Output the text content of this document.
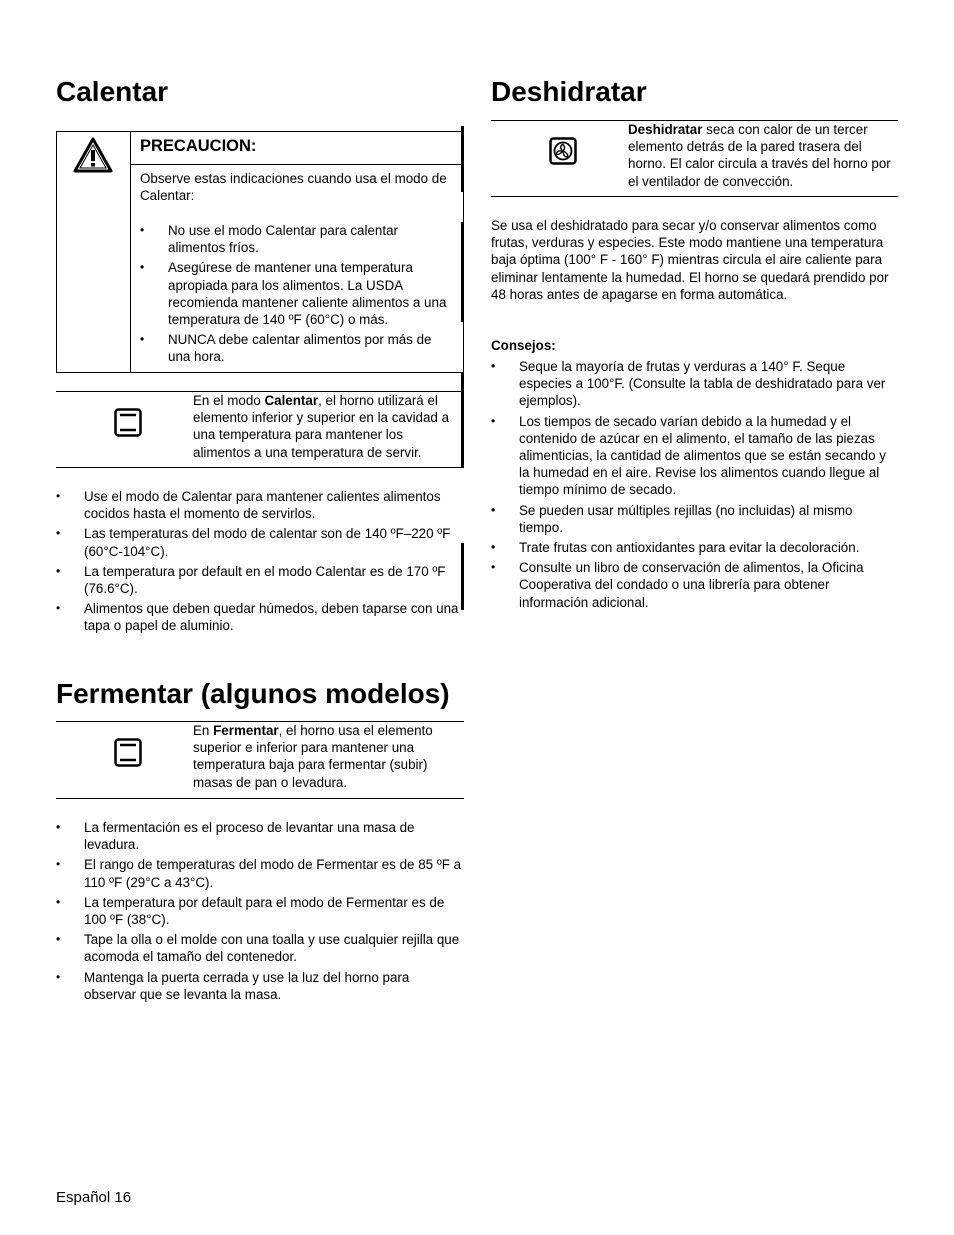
Calentar
PRECAUCION:

Observe estas indicaciones cuando usa el modo de Calentar:

• No use el modo Calentar para calentar alimentos fríos.
• Asegúrese de mantener una temperatura apropiada para los alimentos. La USDA recomienda mantener caliente alimentos a una temperatura de 140 ºF (60°C) o más.
• NUNCA debe calentar alimentos por más de una hora.

En el modo Calentar, el horno utilizará el elemento inferior y superior en la cavidad a una temperatura para mantener los alimentos a una temperatura de servir.

• Use el modo de Calentar para mantener calientes alimentos cocidos hasta el momento de servirlos.
• Las temperaturas del modo de calentar son de 140 ºF–220 ºF (60°C-104°C).
• La temperatura por default en el modo Calentar es de 170 ºF (76.6°C).
• Alimentos que deben quedar húmedos, deben taparse con una tapa o papel de aluminio.
Fermentar (algunos modelos)

En Fermentar, el horno usa el elemento superior e inferior para mantener una temperatura baja para fermentar (subir) masas de pan o levadura.

• La fermentación es el proceso de levantar una masa de levadura.
• El rango de temperaturas del modo de Fermentar es de 85 ºF a 110 ºF (29°C a 43°C).
• La temperatura por default para el modo de Fermentar es de 100 ºF (38°C).
• Tape la olla o el molde con una toalla y use cualquier rejilla que acomoda el tamaño del contenedor.
• Mantenga la puerta cerrada y use la luz del horno para observar que se levanta la masa.
Deshidratar

Deshidratar seca con calor de un tercer elemento detrás de la pared trasera del horno. El calor circula a través del horno por el ventilador de convección.

Se usa el deshidratado para secar y/o conservar alimentos como frutas, verduras y especies. Este modo mantiene una temperatura baja óptima (100° F - 160° F) mientras circula el aire caliente para eliminar lentamente la humedad. El horno se quedará prendido por 48 horas antes de apagarse en forma automática.

Consejos:
• Seque la mayoría de frutas y verduras a 140° F. Seque especies a 100°F. (Consulte la tabla de deshidratado para ver ejemplos).
• Los tiempos de secado varían debido a la humedad y el contenido de azúcar en el alimento, el tamaño de las piezas alimenticias, la cantidad de alimentos que se están secando y la humedad en el aire. Revise los alimentos cuando llegue al tiempo mínimo de secado.
• Se pueden usar múltiples rejillas (no incluidas) al mismo tiempo.
• Trate frutas con antioxidantes para evitar la decoloración.
• Consulte un libro de conservación de alimentos, la Oficina Cooperativa del condado o una librería para obtener información adicional.
Español 16
